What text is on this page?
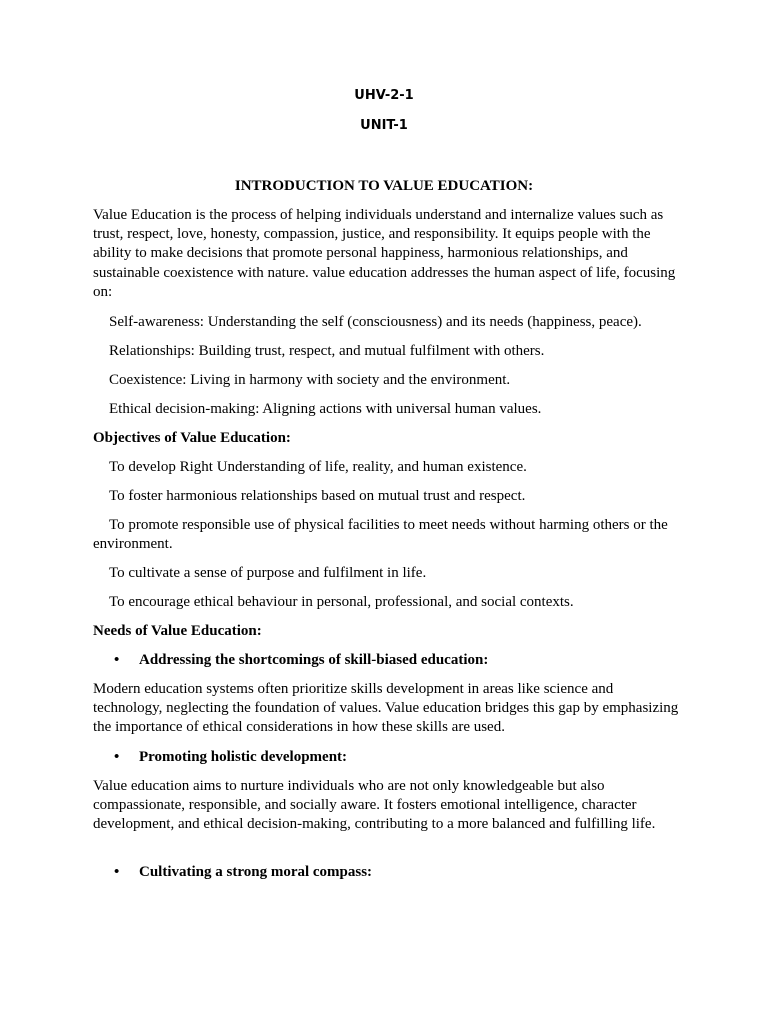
UHV-2-1
UNIT-1
INTRODUCTION TO VALUE EDUCATION:
Value Education is the process of helping individuals understand and internalize values such as trust, respect, love, honesty, compassion, justice, and responsibility. It equips people with the ability to make decisions that promote personal happiness, harmonious relationships, and sustainable coexistence with nature. value education addresses the human aspect of life, focusing on:
Self-awareness: Understanding the self (consciousness) and its needs (happiness, peace).
Relationships: Building trust, respect, and mutual fulfilment with others.
Coexistence: Living in harmony with society and the environment.
Ethical decision-making: Aligning actions with universal human values.
Objectives of Value Education:
To develop Right Understanding of life, reality, and human existence.
To foster harmonious relationships based on mutual trust and respect.
To promote responsible use of physical facilities to meet needs without harming others or the environment.
To cultivate a sense of purpose and fulfilment in life.
To encourage ethical behaviour in personal, professional, and social contexts.
Needs of Value Education:
• Addressing the shortcomings of skill-biased education:
Modern education systems often prioritize skills development in areas like science and technology, neglecting the foundation of values. Value education bridges this gap by emphasizing the importance of ethical considerations in how these skills are used.
• Promoting holistic development:
Value education aims to nurture individuals who are not only knowledgeable but also compassionate, responsible, and socially aware. It fosters emotional intelligence, character development, and ethical decision-making, contributing to a more balanced and fulfilling life.
• Cultivating a strong moral compass:
